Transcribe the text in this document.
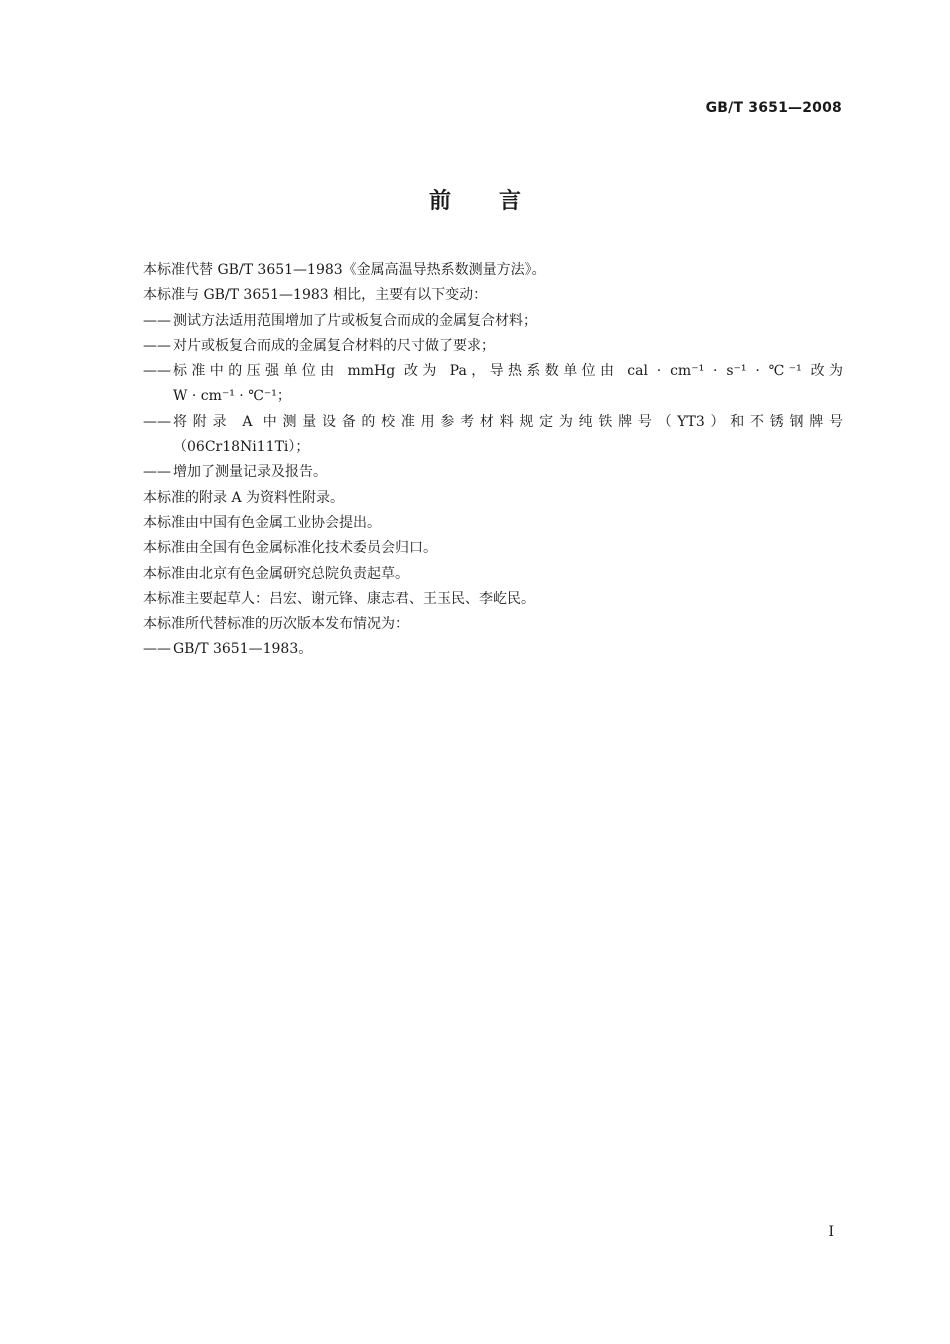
GB/T 3651—2008
前 言
本标准代替 GB/T 3651—1983《金属高温导热系数测量方法》。
本标准与 GB/T 3651—1983 相比，主要有以下变动：
—— 测试方法适用范围增加了片或板复合而成的金属复合材料；
—— 对片或板复合而成的金属复合材料的尺寸做了要求；
—— 标准中的压强单位由 mmHg 改为 Pa，导热系数单位由 cal · cm⁻¹ · s⁻¹ · ℃⁻¹ 改为
W · cm⁻¹ · ℃⁻¹；
—— 将附录 A 中测量设备的校准用参考材料规定为纯铁牌号（YT3）和不锈钢牌号
（06Cr18Ni11Ti）；
—— 增加了测量记录及报告。
本标准的附录 A 为资料性附录。
本标准由中国有色金属工业协会提出。
本标准由全国有色金属标准化技术委员会归口。
本标准由北京有色金属研究总院负责起草。
本标准主要起草人：吕宏、谢元锋、康志君、王玉民、李屹民。
本标准所代替标准的历次版本发布情况为：
—— GB/T 3651—1983。
I
